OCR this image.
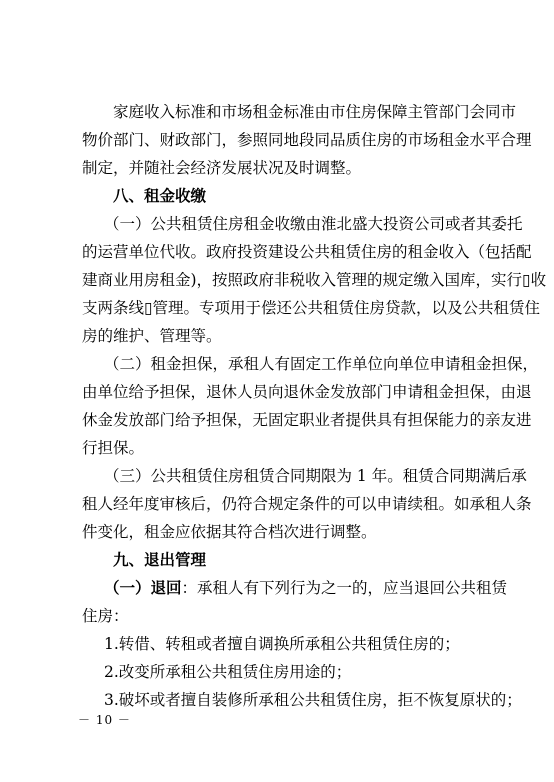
家庭收入标准和市场租金标准由市住房保障主管部门会同市
物价部门、财政部门，参照同地段同品质住房的市场租金水平合理
制定，并随社会经济发展状况及时调整。
八、租金收缴
（一）公共租赁住房租金收缴由淮北盛大投资公司或者其委托
的运营单位代收。政府投资建设公共租赁住房的租金收入（包括配
建商业用房租金)，按照政府非税收入管理的规定缴入国库，实行▯收
支两条线▯管理。专项用于偿还公共租赁住房贷款，以及公共租赁住
房的维护、管理等。
（二）租金担保，承租人有固定工作单位向单位申请租金担保，
由单位给予担保，退休人员向退休金发放部门申请租金担保，由退
休金发放部门给予担保，无固定职业者提供具有担保能力的亲友进
行担保。
（三）公共租赁住房租赁合同期限为 1 年。租赁合同期满后承
租人经年度审核后，仍符合规定条件的可以申请续租。如承租人条
件变化，租金应依据其符合档次进行调整。
九、退出管理
（一）退回：承租人有下列行为之一的，应当退回公共租赁
住房：
1.转借、转租或者擅自调换所承租公共租赁住房的；
2.改变所承租公共租赁住房用途的；
3.破坏或者擅自装修所承租公共租赁住房，拒不恢复原状的；
－ 10 －
